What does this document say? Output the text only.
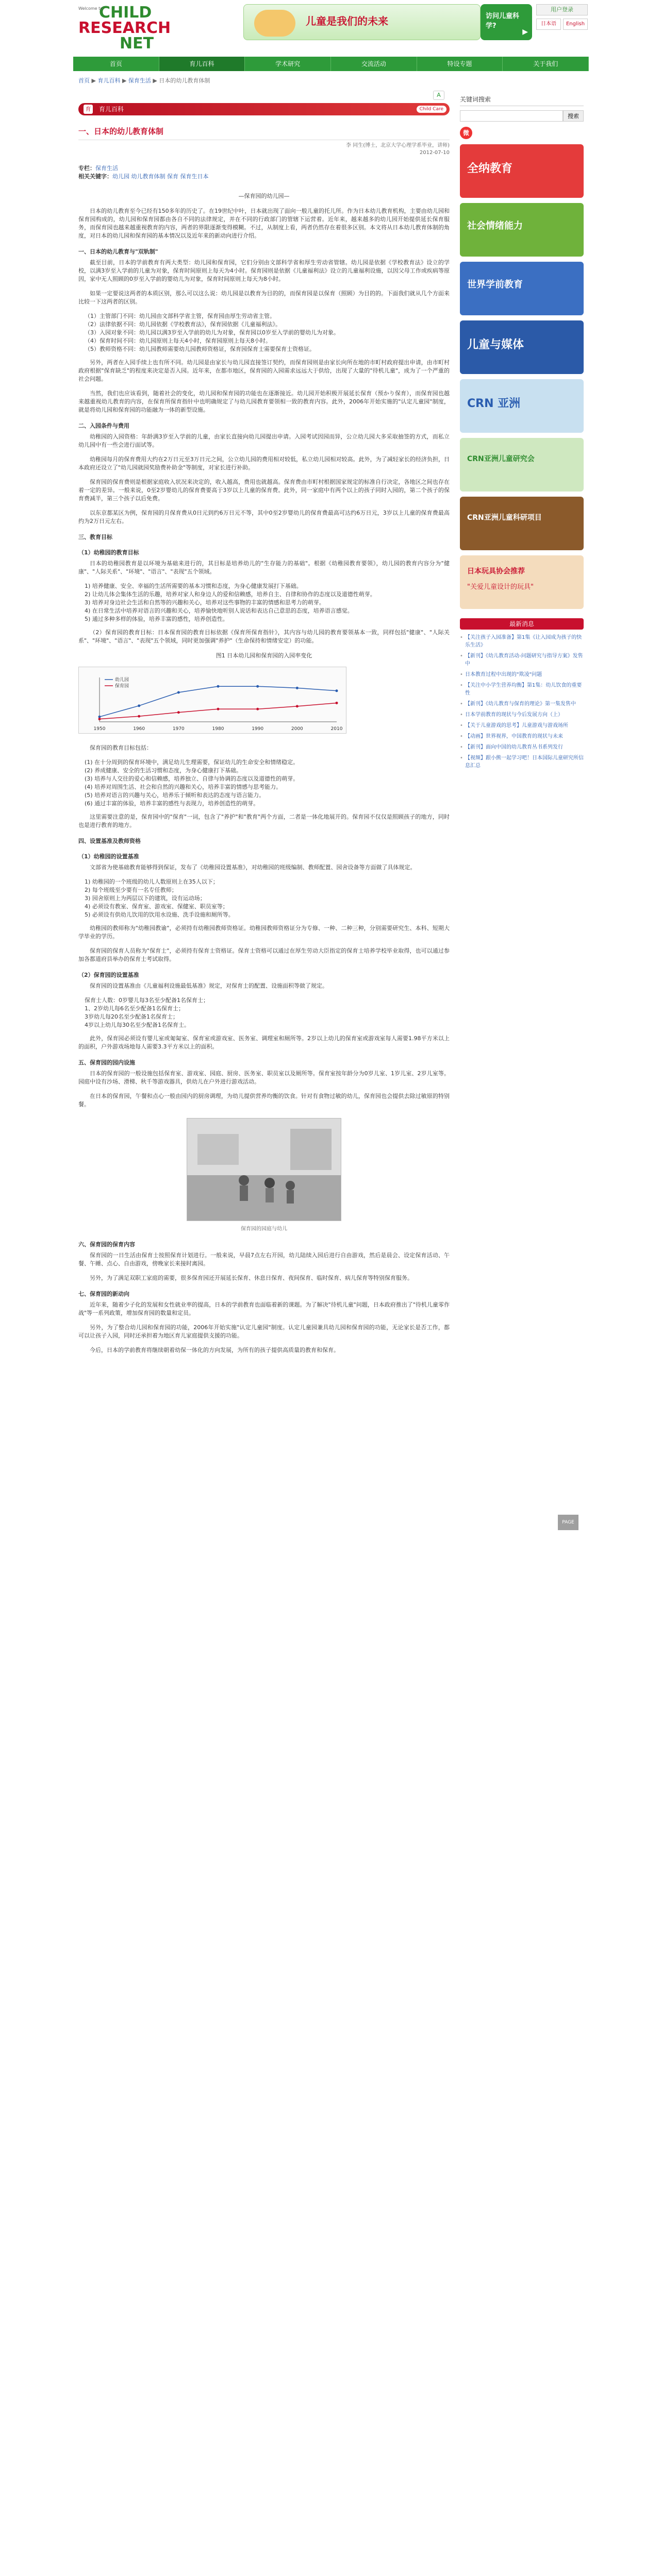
Welcome to
CHILD
RESEARCH
NET
儿童是我们的未来	访问儿童科学?
▶
用户登录
日本语	English
首页	育儿百科	学术研究	交流活动	特设专题	关于我们
首页 ▶ 育儿百科 ▶ 保育生活 ▶ 日本的幼儿教育体制
A
育 育儿百科	Child Care
一、日本的幼儿教育体制
李 同生(博士，北京大学心理学系毕业，讲师)
2012-07-10
专栏：保育生活
相关关键字：幼儿园 幼儿教育体制 保育 保育生日本
—保育园的幼儿园—

日本的幼儿教育至今已经有150多年的历史了。在19世纪中叶，日本就出现了面向一般儿童的托儿所。作为日本幼儿教育机构，主要由幼儿园和保育园构成的，幼儿园和保育园都由各自不同的法律规定，并在不同的行政部门的管辖下运营着。近年来，越来越多的幼儿园开始提供延长保育服务，而保育园也越来越重视教育的内容，两者的界限逐渐变得模糊。不过，从制度上看，两者仍然存在着很多区别。本文将从日本幼儿教育体制的角度，对日本的幼儿园和保育园的基本情况以及近年来的新动向进行介绍。

一、日本的幼儿教育与"双轨制"

截至目前，日本的学前教育有两大类型：幼儿园和保育园，它们分别由文部科学省和厚生劳动省管辖。幼儿园是依据《学校教育法》设立的学校，以满3岁至入学前的儿童为对象，保育时间原则上每天为4小时。保育园则是依据《儿童福利法》设立的儿童福利设施，以因父母工作或疾病等原因，家中无人照顾的0岁至入学前的婴幼儿为对象，保育时间原则上每天为8小时。

如果一定要说这两者的本质区别，那么可以这么说：幼儿园是以教育为目的的，而保育园是以保育（照顾）为目的的。下面我们就从几个方面来比较一下这两者的区别。

（1）主管部门不同：幼儿园由文部科学省主管，保育园由厚生劳动省主管。
（2）法律依据不同：幼儿园依据《学校教育法》，保育园依据《儿童福利法》。
（3）入园对象不同：幼儿园以满3岁至入学前的幼儿为对象，保育园以0岁至入学前的婴幼儿为对象。
（4）保育时间不同：幼儿园原则上每天4小时，保育园原则上每天8小时。
（5）教师资格不同：幼儿园教师需要幼儿园教师资格证，保育园保育士需要保育士资格证。

另外，两者在入园手续上也有所不同。幼儿园是由家长与幼儿园直接签订契约，而保育园则是由家长向所在地的市町村政府提出申请，由市町村政府根据"保育缺乏"的程度来决定是否入园。近年来，在都市地区，保育园的入园需求远远大于供给，出现了大量的"待机儿童"，成为了一个严重的社会问题。

当然，我们也应该看到，随着社会的变化，幼儿园和保育园的功能也在逐渐接近。幼儿园开始积极开展延长保育（预かり保育），而保育园也越来越重视幼儿教育的内容，在保育所保育指针中也明确规定了与幼儿园教育要领相一致的教育内容。此外，2006年开始实施的"认定儿童园"制度，就是将幼儿园和保育园的功能融为一体的新型设施。

二、入园条件与费用

幼稚园的入园资格：年龄满3岁至入学前的儿童，由家长直接向幼儿园提出申请。入园考试因园而异，公立幼儿园大多采取抽签的方式，而私立幼儿园中有一些会进行面试等。

幼稚园每月的保育费用大约在2万日元至3万日元之间，公立幼儿园的费用相对较低，私立幼儿园相对较高。此外，为了减轻家长的经济负担，日本政府还设立了"幼儿园就园奖励费补助金"等制度，对家长进行补助。

保育园的保育费则是根据家庭收入状况来决定的，收入越高，费用也就越高。保育费由市町村根据国家规定的标准自行决定，各地区之间也存在着一定的差异。一般来说，0至2岁婴幼儿的保育费要高于3岁以上儿童的保育费。此外，同一家庭中有两个以上的孩子同时入园的，第二个孩子的保育费减半，第三个孩子以后免费。

以东京都某区为例，保育园的月保育费从0日元到约6万日元不等，其中0至2岁婴幼儿的保育费最高可达约6万日元，3岁以上儿童的保育费最高约为2万日元左右。

三、教育目标
（1）幼稚园的教育目标

日本的幼稚园教育是以环境为基础来进行的，其目标是培养幼儿的"生存能力的基础"。根据《幼稚园教育要领》，幼儿园的教育内容分为"健康"、"人际关系"、"环境"、"语言"、"表现"五个领域。

1) 培养健康、安全、幸福的生活所需要的基本习惯和态度，为身心健康发展打下基础。
2) 让幼儿体会集体生活的乐趣，培养对家人和身边人的爱和信赖感，培养自主、自律和协作的态度以及道德性萌芽。
3) 培养对身边社会生活和自然等的兴趣和关心，培养对这些事物的丰富的情感和思考力的萌芽。
4) 在日常生活中培养对语言的兴趣和关心，培养愉快地听别人说话和表达自己意思的态度，培养语言感觉。
5) 通过多种多样的体验，培养丰富的感性，培养创造性。

（2）保育园的教育目标：日本保育园的教育目标依据《保育所保育指针》，其内容与幼儿园的教育要领基本一致，同样包括"健康"、"人际关系"、"环境"、"语言"、"表现"五个领域，同时更加强调"养护"（生命保持和情绪安定）的功能。

图1 日本幼儿园和保育园的入园率变化
1950	1960	1970	1980	1990	2000	2010
幼儿园
保育园

保育园的教育目标包括：

(1) 在十分周到的保育环境中，满足幼儿生理需要，保证幼儿的生命安全和情绪稳定。
(2) 养成健康、安全的生活习惯和态度，为身心健康打下基础。
(3) 培养与人交往的爱心和信赖感，培养独立、自律与协调的态度以及道德性的萌芽。
(4) 培养对周围生活、社会和自然的兴趣和关心，培养丰富的情感与思考能力。
(5) 培养对语言的兴趣与关心，培养乐于倾听和表达的态度与语言能力。
(6) 通过丰富的体验，培养丰富的感性与表现力，培养创造性的萌芽。

这里需要注意的是，保育园中的"保育"一词，包含了"养护"和"教育"两个方面，二者是一体化地展开的。保育园不仅仅是照顾孩子的地方，同时也是进行教育的地方。

四、设置基准及教师资格
（1）幼稚园的设置基准

文部省为使基础教育能够得到保证，发布了《幼稚园设置基准》，对幼稚园的班级编制、教师配置、园舍设备等方面做了具体规定。

1) 幼稚园的一个班级的幼儿人数原则上在35人以下；
2) 每个班级至少要有一名专任教师；
3) 园舍原则上为两层以下的建筑，设有运动场；
4) 必须设有教室、保育室、游戏室、保健室、职员室等；
5) 必须设有供幼儿饮用的饮用水设施、洗手设施和厕所等。

幼稚园的教师称为"幼稚园教谕"，必须持有幼稚园教师资格证。幼稚园教师资格证分为专修、一种、二种三种，分别需要研究生、本科、短期大学毕业的学历。

保育园的保育人员称为"保育士"，必须持有保育士资格证。保育士资格可以通过在厚生劳动大臣指定的保育士培养学校毕业取得，也可以通过参加各都道府县举办的保育士考试取得。

（2）保育园的设置基准

保育园的设置基准由《儿童福利设施最低基准》规定，对保育士的配置、设施面积等做了规定。

保育士人数：0岁婴儿每3名至少配备1名保育士；
1、2岁幼儿每6名至少配备1名保育士；
3岁幼儿每20名至少配备1名保育士；
4岁以上幼儿每30名至少配备1名保育士。

此外，保育园必须设有婴儿室或匍匐室、保育室或游戏室、医务室、调理室和厕所等。2岁以上幼儿的保育室或游戏室每人需要1.98平方米以上的面积，户外游戏场地每人需要3.3平方米以上的面积。

五、保育园的园内设施

日本的保育园的一般设施包括保育室、游戏室、园庭、厨房、医务室、职员室以及厕所等。保育室按年龄分为0岁儿室、1岁儿室、2岁儿室等。园庭中设有沙场、滑梯、秋千等游戏器具，供幼儿在户外进行游戏活动。

在日本的保育园，午餐和点心一般由园内的厨房调理，为幼儿提供营养均衡的饮食。针对有食物过敏的幼儿，保育园也会提供去除过敏原的特别餐。

保育园的园庭与幼儿
六、保育园的保育内容

保育园的一日生活由保育士按照保育计划进行。一般来说，早晨7点左右开园，幼儿陆续入园后进行自由游戏，然后是晨会、设定保育活动、午餐、午睡、点心、自由游戏，傍晚家长来接时离园。

另外，为了满足双职工家庭的需要，很多保育园还开展延长保育、休息日保育、夜间保育、临时保育、病儿保育等特别保育服务。

七、保育园的新动向

近年来，随着少子化的发展和女性就业率的提高，日本的学前教育也面临着新的课题。为了解决"待机儿童"问题，日本政府推出了"待机儿童零作战"等一系列政策，增加保育园的数量和定员。

另外，为了整合幼儿园和保育园的功能，2006年开始实施"认定儿童园"制度。认定儿童园兼具幼儿园和保育园的功能，无论家长是否工作，都可以让孩子入园，同时还承担着为地区育儿家庭提供支援的功能。

今后，日本的学前教育将继续朝着幼保一体化的方向发展，为所有的孩子提供高质量的教育和保育。

关键词搜索
搜索
微
全纳教育
社会情绪能力
世界学前教育
儿童与媒体
CRN 亚洲
CRN亚洲儿童研究会
CRN亚洲儿童科研项目
日本玩具协会推荐
"关爱儿童设计的玩具"
最新消息
• 【关注孩子入园准备】第1集《让入园成为孩子的快乐生活》
• 【新刊】《幼儿教育活动-问题研究与指导方案》发售中
• 日本教育过程中出现的"欺凌"问题
• 【关注中小学生营养均衡】第1集：幼儿饮食的重要性
• 【新刊】《幼儿教育与保育的理论》第一集发售中
• 日本学前教育的现状与今后发展方向（上）
• 【关于儿童游戏的思考】儿童游戏与游戏场所
• 【动画】世界视界，中国教育的现状与未来
• 【新刊】面向中国的幼儿教育丛书系列发行
• 【视频】跟小熊一起学习吧！日本国际儿童研究所信息汇总
PAGE TOP
